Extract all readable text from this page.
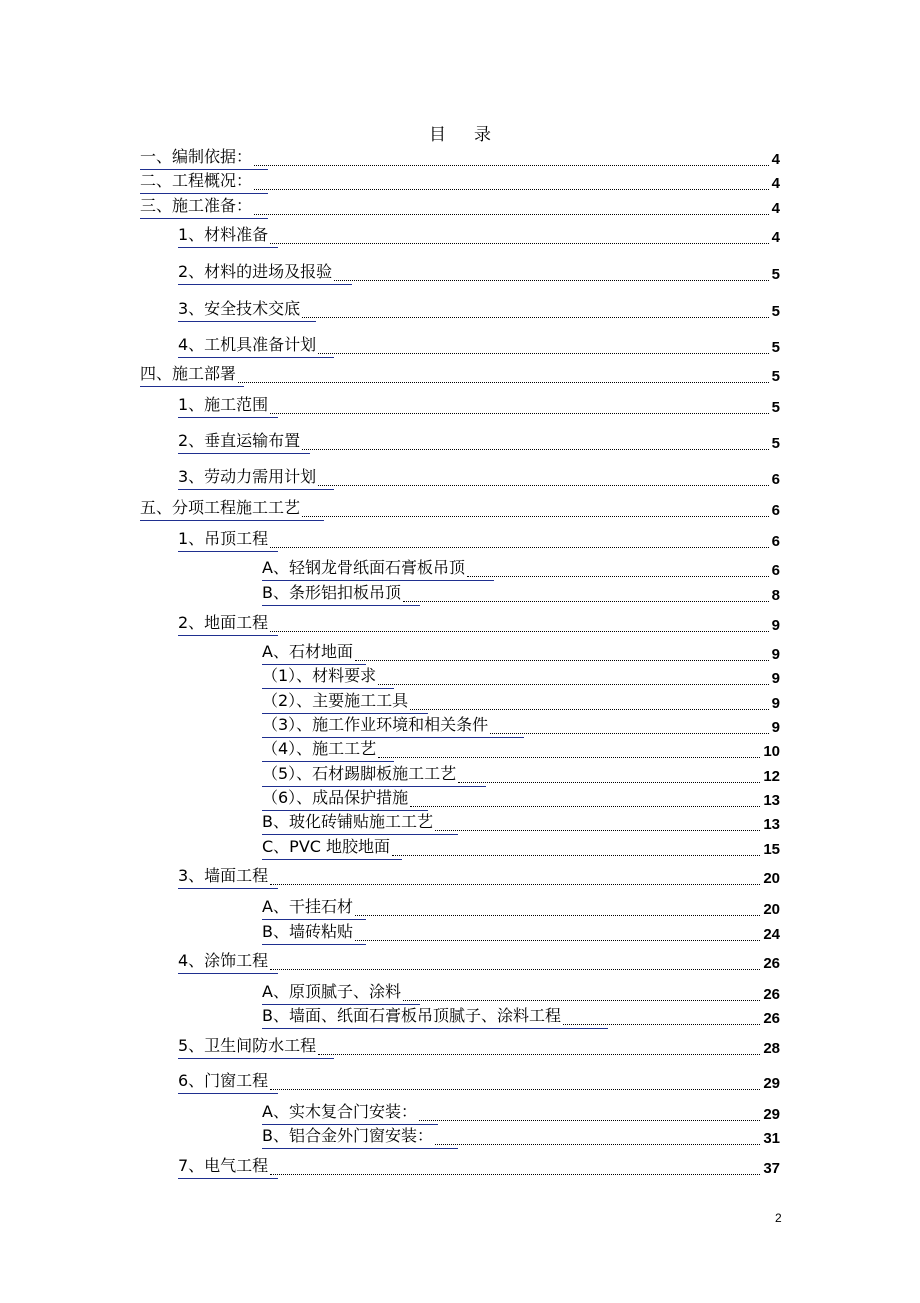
目 录
一、编制依据：	4
二、工程概况：	4
三、施工准备：	4
1、材料准备	4
2、材料的进场及报验	5
3、安全技术交底	5
4、工机具准备计划	5
四、施工部署	5
1、施工范围	5
2、垂直运输布置	5
3、劳动力需用计划	6
五、分项工程施工工艺	6
1、吊顶工程	6
A、轻钢龙骨纸面石膏板吊顶	6
B、条形铝扣板吊顶	8
2、地面工程	9
A、石材地面	9
（1）、材料要求	9
（2）、主要施工工具	9
（3）、施工作业环境和相关条件	9
（4）、施工工艺	10
（5）、石材踢脚板施工工艺	12
（6）、成品保护措施	13
B、玻化砖铺贴施工工艺	13
C、PVC 地胶地面	15
3、墙面工程	20
A、干挂石材	20
B、墙砖粘贴	24
4、涂饰工程	26
A、原顶腻子、涂料	26
B、墙面、纸面石膏板吊顶腻子、涂料工程	26
5、卫生间防水工程	28
6、门窗工程	29
A、实木复合门安装：	29
B、铝合金外门窗安装：	31
7、电气工程	37
2
